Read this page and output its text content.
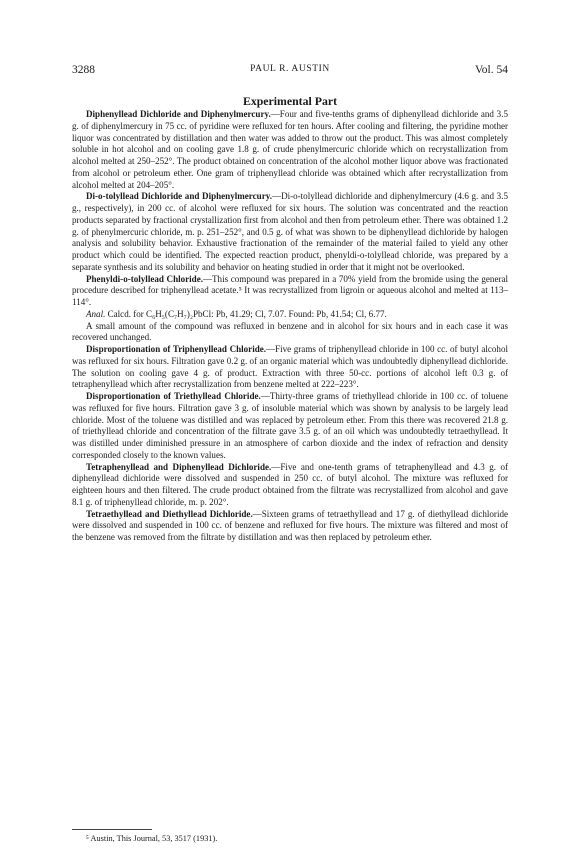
3288	PAUL R. AUSTIN	Vol. 54
Experimental Part

Diphenyllead Dichloride and Diphenylmercury.—Four and five-tenths grams of diphenyllead dichloride and 3.5 g. of diphenylmercury in 75 cc. of pyridine were refluxed for ten hours. After cooling and filtering, the pyridine mother liquor was concentrated by distillation and then water was added to throw out the product. This was almost completely soluble in hot alcohol and on cooling gave 1.8 g. of crude phenylmercuric chloride which on recrystallization from alcohol melted at 250–252°. The product obtained on concentration of the alcohol mother liquor above was fractionated from alcohol or petroleum ether. One gram of triphenyllead chloride was obtained which after recrystallization from alcohol melted at 204–205°.

Di-o-tolyllead Dichloride and Diphenylmercury.—Di-o-tolyllead dichloride and diphenylmercury (4.6 g. and 3.5 g., respectively), in 200 cc. of alcohol were refluxed for six hours. The solution was concentrated and the reaction products separated by fractional crystallization first from alcohol and then from petroleum ether. There was obtained 1.2 g. of phenylmercuric chloride, m. p. 251–252°, and 0.5 g. of what was shown to be diphenyllead dichloride by halogen analysis and solubility behavior. Exhaustive fractionation of the remainder of the material failed to yield any other product which could be identified. The expected reaction product, phenyldi-o-tolyllead chloride, was prepared by a separate synthesis and its solubility and behavior on heating studied in order that it might not be overlooked.

Phenyldi-o-tolyllead Chloride.—This compound was prepared in a 70% yield from the bromide using the general procedure described for triphenyllead acetate.⁵ It was recrystallized from ligroin or aqueous alcohol and melted at 113–114°.

Anal. Calcd. for C₆H₅(C₇H₇)₂PbCl: Pb, 41.29; Cl, 7.07. Found: Pb, 41.54; Cl, 6.77.

A small amount of the compound was refluxed in benzene and in alcohol for six hours and in each case it was recovered unchanged.

Disproportionation of Triphenyllead Chloride.—Five grams of triphenyllead chloride in 100 cc. of butyl alcohol was refluxed for six hours. Filtration gave 0.2 g. of an organic material which was undoubtedly diphenyllead dichloride. The solution on cooling gave 4 g. of product. Extraction with three 50-cc. portions of alcohol left 0.3 g. of tetraphenyllead which after recrystallization from benzene melted at 222–223°.

Disproportionation of Triethyllead Chloride.—Thirty-three grams of triethyllead chloride in 100 cc. of toluene was refluxed for five hours. Filtration gave 3 g. of insoluble material which was shown by analysis to be largely lead chloride. Most of the toluene was distilled and was replaced by petroleum ether. From this there was recovered 21.8 g. of triethyllead chloride and concentration of the filtrate gave 3.5 g. of an oil which was undoubtedly tetraethyllead. It was distilled under diminished pressure in an atmosphere of carbon dioxide and the index of refraction and density corresponded closely to the known values.

Tetraphenyllead and Diphenyllead Dichloride.—Five and one-tenth grams of tetraphenyllead and 4.3 g. of diphenyllead dichloride were dissolved and suspended in 250 cc. of butyl alcohol. The mixture was refluxed for eighteen hours and then filtered. The crude product obtained from the filtrate was recrystallized from alcohol and gave 8.1 g. of triphenyllead chloride, m. p. 202°.

Tetraethyllead and Diethyllead Dichloride.—Sixteen grams of tetraethyllead and 17 g. of diethyllead dichloride were dissolved and suspended in 100 cc. of benzene and refluxed for five hours. The mixture was filtered and most of the benzene was removed from the filtrate by distillation and was then replaced by petroleum ether.

⁵ Austin, This Journal, 53, 3517 (1931).
